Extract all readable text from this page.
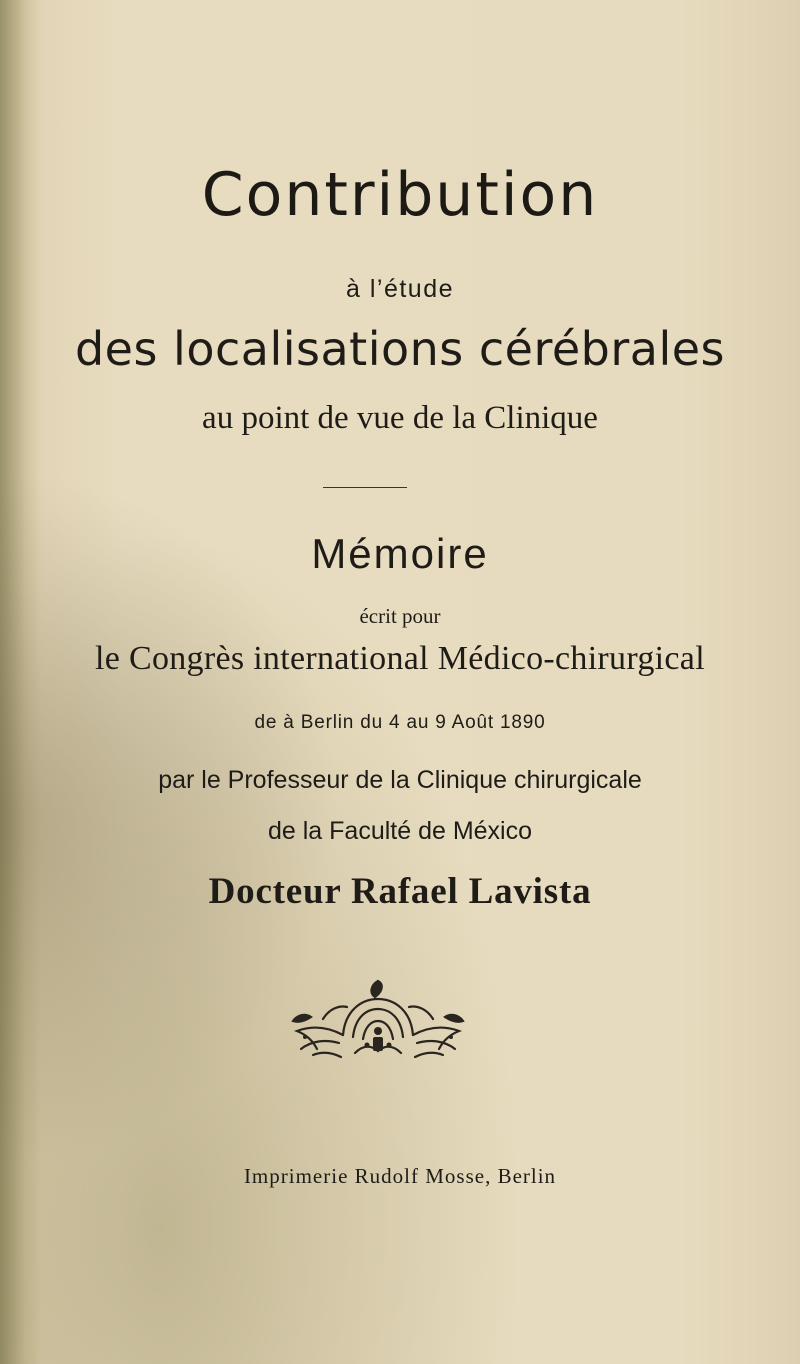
Contribution

à l’étude

des localisations cérébrales

au point de vue de la Clinique

Mémoire

écrit pour

le Congrès international Médico-chirurgical

de à Berlin du 4 au 9 Août 1890

par le Professeur de la Clinique chirurgicale

de la Faculté de México

Docteur Rafael Lavista

Imprimerie Rudolf Mosse, Berlin
